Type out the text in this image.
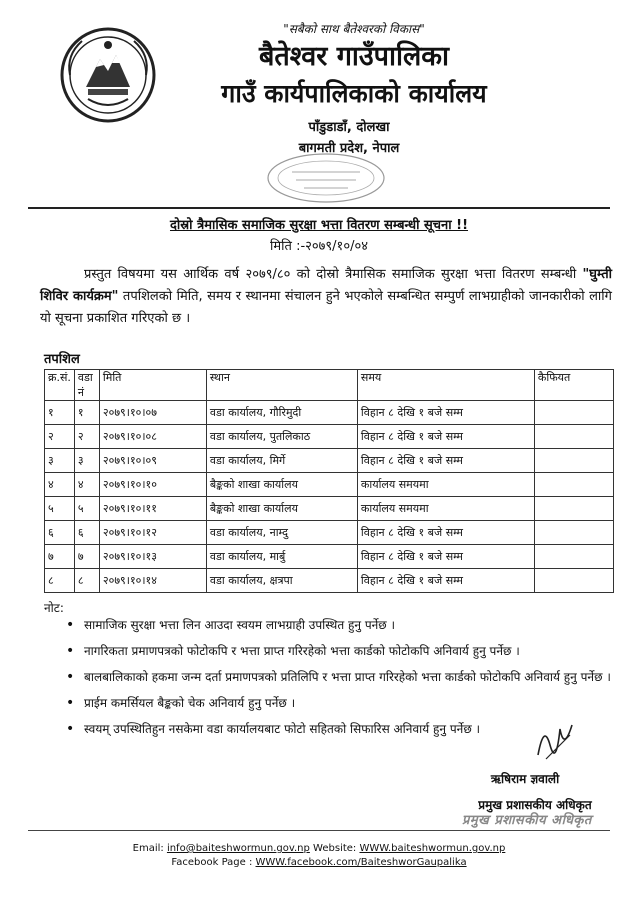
"सबैको साथ बैतेश्वरको विकास"
बैतेश्वर गाउँपालिका
गाउँ कार्यपालिकाको कार्यालय
पाँडुडाडाँ, दोलखा
बागमती प्रदेश, नेपाल
दोस्रो त्रैमासिक समाजिक सुरक्षा भत्ता वितरण सम्बन्धी सूचना !!
मिति :-२०७९/१०/०४
प्रस्तुत विषयमा यस आर्थिक वर्ष २०७९/८० को दोस्रो त्रैमासिक समाजिक सुरक्षा भत्ता वितरण सम्बन्धी "घुम्ती शिविर कार्यक्रम" तपशिलको मिति, समय र स्थानमा संचालन हुने भएकोले सम्बन्धित सम्पुर्ण लाभग्राहीको जानकारीको लागि यो सूचना प्रकाशित गरिएको छ ।
तपशिल
क्र.सं.	वडा नं	मिति	स्थान	समय	कैफियत
१	१	२०७९।१०।०७	वडा कार्यालय, गौरिमुदी	विहान ८ देखि १ बजे सम्म	
२	२	२०७९।१०।०८	वडा कार्यालय, पुतलिकाठ	विहान ८ देखि १ बजे सम्म	
३	३	२०७९।१०।०९	वडा कार्यालय, मिर्गे	विहान ८ देखि १ बजे सम्म	
४	४	२०७९।१०।१०	बैङ्कको शाखा कार्यालय	कार्यालय समयमा	
५	५	२०७९।१०।११	बैङ्कको शाखा कार्यालय	कार्यालय समयमा	
६	६	२०७९।१०।१२	वडा कार्यालय, नाम्दु	विहान ८ देखि १ बजे सम्म	
७	७	२०७९।१०।१३	वडा कार्यालय, मार्बु	विहान ८ देखि १ बजे सम्म	
८	८	२०७९।१०।१४	वडा कार्यालय, क्षत्रपा	विहान ८ देखि १ बजे सम्म	
नोट:
• सामाजिक सुरक्षा भत्ता लिन आउदा स्वयम लाभग्राही उपस्थित हुनु पर्नेछ ।
• नागरिकता प्रमाणपत्रको फोटोकपि र भत्ता प्राप्त गरिरहेको भत्ता कार्डको फोटोकपि अनिवार्य हुनु पर्नेछ ।
• बालबालिकाको हकमा जन्म दर्ता प्रमाणपत्रको प्रतिलिपि र भत्ता प्राप्त गरिरहेको भत्ता कार्डको फोटोकपि अनिवार्य हुनु पर्नेछ ।
• प्राईम कमर्सियल बैङ्कको चेक अनिवार्य हुनु पर्नेछ ।
• स्वयम् उपस्थितिहुन नसकेमा वडा कार्यालयबाट फोटो सहितको सिफारिस अनिवार्य हुनु पर्नेछ ।
ऋषिराम ज्ञवाली
प्रमुख प्रशासकीय अधिकृत
प्रमुख प्रशासकीय अधिकृत
Email: info@baiteshwormun.gov.np Website: WWW.baiteshwormun.gov.np
Facebook Page : WWW.facebook.com/BaiteshworGaupalika
